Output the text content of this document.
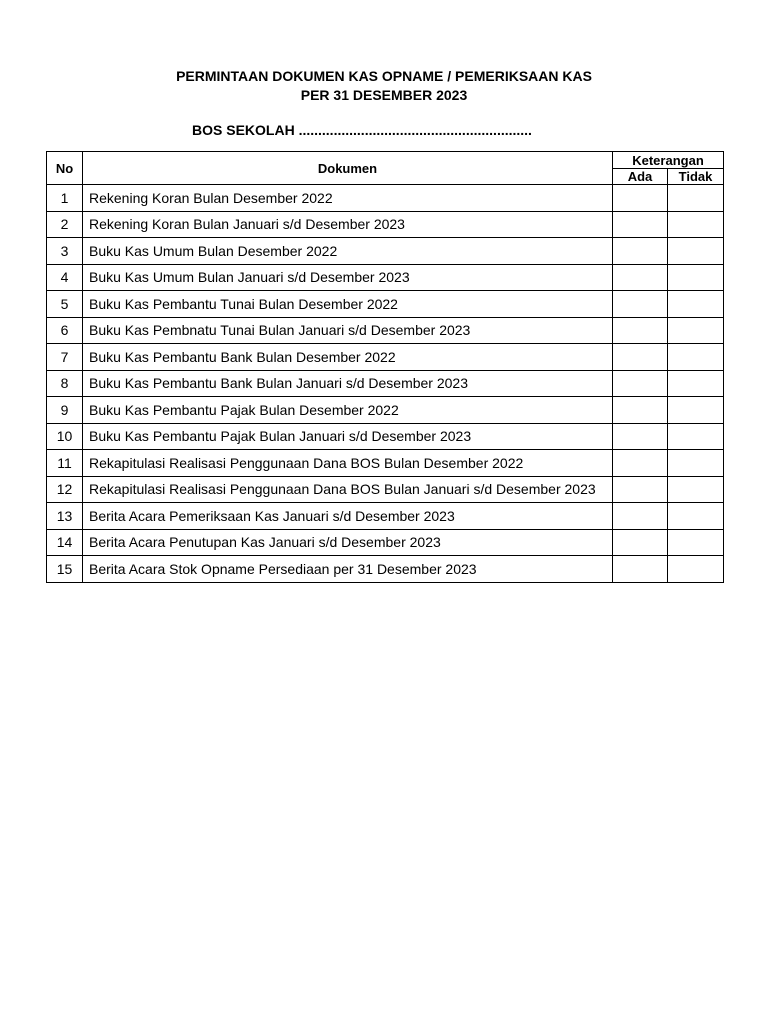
PERMINTAAN DOKUMEN KAS OPNAME / PEMERIKSAAN KAS
PER 31 DESEMBER 2023
BOS SEKOLAH ............................................................
No	Dokumen	Keterangan	
		Ada	Tidak
1	Rekening Koran Bulan Desember 2022		
2	Rekening Koran Bulan Januari s/d Desember 2023		
3	Buku Kas Umum Bulan Desember 2022		
4	Buku Kas Umum Bulan Januari s/d Desember 2023		
5	Buku Kas Pembantu Tunai Bulan Desember 2022		
6	Buku Kas Pembnatu Tunai Bulan Januari s/d Desember 2023		
7	Buku Kas Pembantu Bank Bulan Desember 2022		
8	Buku Kas Pembantu Bank Bulan Januari s/d Desember 2023		
9	Buku Kas Pembantu Pajak Bulan Desember 2022		
10	Buku Kas Pembantu Pajak Bulan Januari s/d Desember 2023		
11	Rekapitulasi Realisasi Penggunaan Dana BOS Bulan Desember 2022		
12	Rekapitulasi Realisasi Penggunaan Dana BOS Bulan Januari s/d Desember 2023		
13	Berita Acara Pemeriksaan Kas Januari s/d Desember 2023		
14	Berita Acara Penutupan Kas Januari s/d Desember 2023		
15	Berita Acara Stok Opname Persediaan per 31 Desember 2023		
